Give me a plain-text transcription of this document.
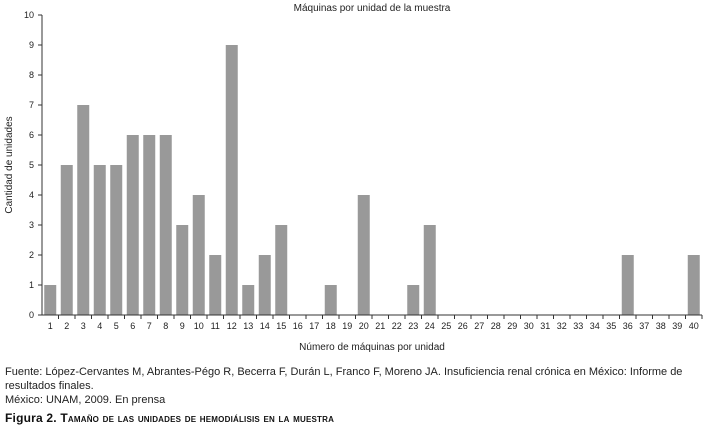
Máquinas por unidad de la muestra
Cantidad de unidades
Número de máquinas por unidad
0
1
2
3
4
5
6
7
8
9
10
1 2 3 4 5 6 7 8 9 10 11 12 13 14 15 16 17 18 19 20 21 22 23 24 25 26 27 28 29 30 31 32 33 34 35 36 37 38 39 40
Fuente: López-Cervantes M, Abrantes-Pégo R, Becerra F, Durán L, Franco F, Moreno JA. Insuficiencia renal crónica en México: Informe de resultados finales.
México: UNAM, 2009. En prensa
Figura 2. Tamaño de las unidades de hemodiálisis en la muestra
